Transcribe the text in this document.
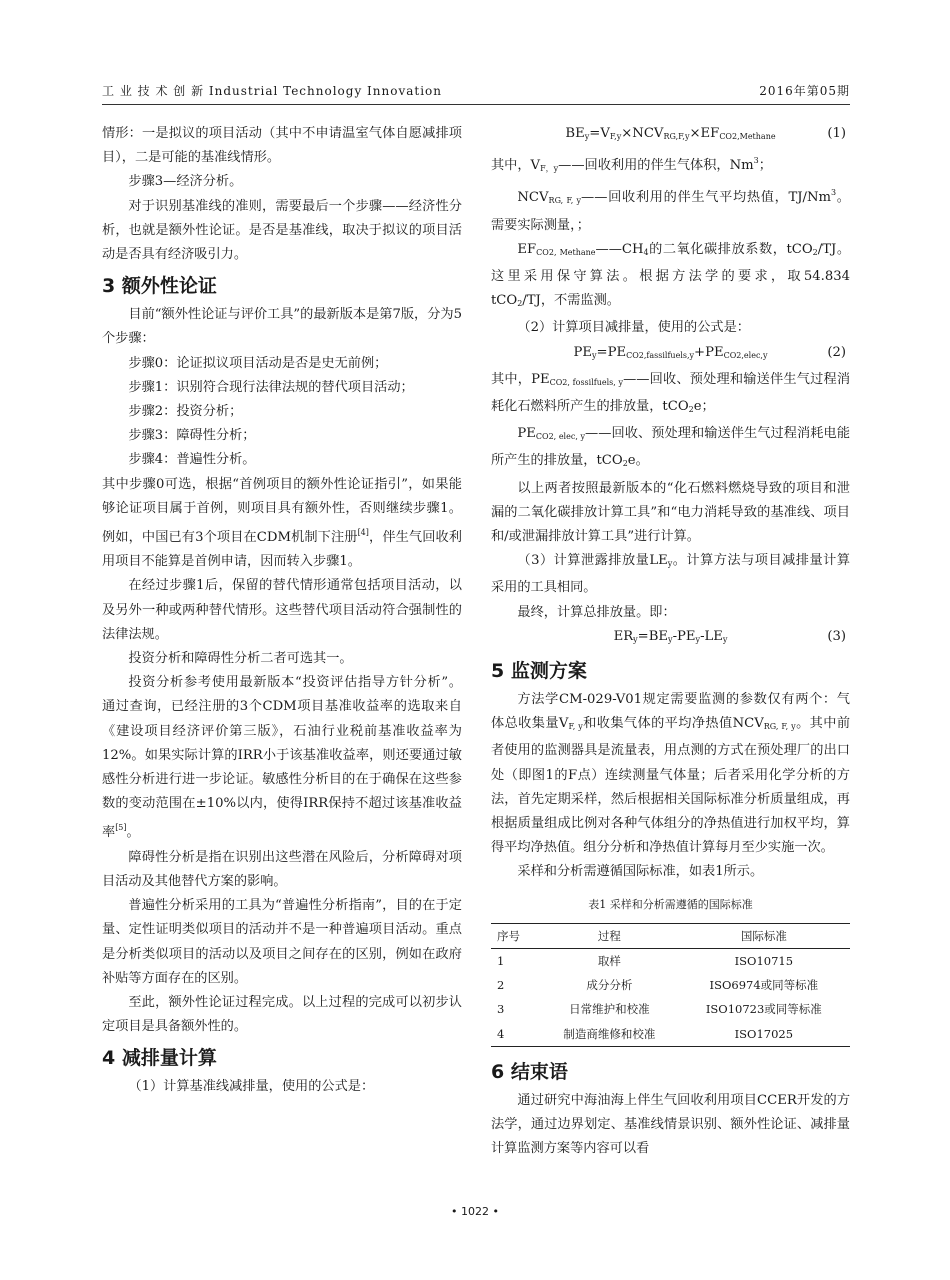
工 业 技 术 创 新 Industrial Technology Innovation	2016年第05期

情形：一是拟议的项目活动（其中不申请温室气体自愿减排项目），二是可能的基准线情形。

步骤3—经济分析。

对于识别基准线的准则，需要最后一个步骤——经济性分析，也就是额外性论证。是否是基准线，取决于拟议的项目活动是否具有经济吸引力。

3 额外性论证

目前“额外性论证与评价工具”的最新版本是第7版，分为5个步骤：

步骤0：论证拟议项目活动是否是史无前例；

步骤1：识别符合现行法律法规的替代项目活动；

步骤2：投资分析；

步骤3：障碍性分析；

步骤4：普遍性分析。

其中步骤0可选，根据“首例项目的额外性论证指引”，如果能够论证项目属于首例，则项目具有额外性，否则继续步骤1。例如，中国已有3个项目在CDM机制下注册[4]，伴生气回收利用项目不能算是首例申请，因而转入步骤1。

在经过步骤1后，保留的替代情形通常包括项目活动，以及另外一种或两种替代情形。这些替代项目活动符合强制性的法律法规。

投资分析和障碍性分析二者可选其一。

投资分析参考使用最新版本“投资评估指导方针分析”。 通过查询，已经注册的3个CDM项目基准收益率的选取来自《建设项目经济评价第三版》，石油行业税前基准收益率为12%。如果实际计算的IRR小于该基准收益率，则还要通过敏感性分析进行进一步论证。敏感性分析目的在于确保在这些参数的变动范围在±10%以内，使得IRR保持不超过该基准收益率[5]。

障碍性分析是指在识别出这些潜在风险后，分析障碍对项目活动及其他替代方案的影响。

普遍性分析采用的工具为“普遍性分析指南”，目的在于定量、定性证明类似项目的活动并不是一种普遍项目活动。重点是分析类似项目的活动以及项目之间存在的区别，例如在政府补贴等方面存在的区别。

至此，额外性论证过程完成。以上过程的完成可以初步认定项目是具备额外性的。

4 减排量计算

（1）计算基准线减排量，使用的公式是：

$BE_y=V_{F,y}\times NCV_{RG,F,y}\times EF_{CO2,Methane}$	(1)

其中，$V_{F,y}——$回收利用的伴生气体积，Nm$^3$；

$NCV_{RG, F, y}——$回收利用的伴生气平均热值，TJ/Nm$^3$。需要实际测量，；

$EF_{CO2, Methane}——CH_4$的二氧化碳排放系数，tCO$_2$/TJ。这里采用保守算法。根据方法学的要求，取54.834 tCO$_2$/TJ，不需监测。

（2）计算项目减排量，使用的公式是：

$PE_y=PE_{CO2,fassilfuels,y}+PE_{CO2,elec,y}$	(2)

其中，$PE_{CO2, fossilfuels, y}——$回收、预处理和输送伴生气过程消耗化石燃料所产生的排放量，tCO$_2$e；

$PE_{CO2, elec, y}——$回收、预处理和输送伴生气过程消耗电能所产生的排放量，tCO$_2$e。

以上两者按照最新版本的“化石燃料燃烧导致的项目和泄漏的二氧化碳排放计算工具”和“电力消耗导致的基准线、项目和/或泄漏排放计算工具”进行计算。

（3）计算泄露排放量$LE_y$。计算方法与项目减排量计算采用的工具相同。

最终，计算总排放量。即：

$ER_y=BE_y-PE_y-LE_y$	(3)
5 监测方案

方法学CM-029-V01规定需要监测的参数仅有两个：气体总收集量$V_{F, y}$和收集气体的平均净热值$NCV_{RG, F, y}$。其中前者使用的监测器具是流量表，用点测的方式在预处理厂的出口处（即图1的F点）连续测量气体量；后者采用化学分析的方法，首先定期采样，然后根据相关国际标准分析质量组成，再根据质量组成比例对各种气体组分的净热值进行加权平均，算得平均净热值。组分分析和净热值计算每月至少实施一次。

采样和分析需遵循国际标准，如表1所示。

表1 采样和分析需遵循的国际标准
序号	过程	国际标准
1	取样	ISO10715
2	成分分析	ISO6974或同等标准
3	日常维护和校准	ISO10723或同等标准
4	制造商维修和校准	ISO17025
6 结束语

通过研究中海油海上伴生气回收利用项目CCER开发的方法学，通过边界划定、基准线情景识别、额外性论证、减排量计算监测方案等内容可以看

• 1022 •
